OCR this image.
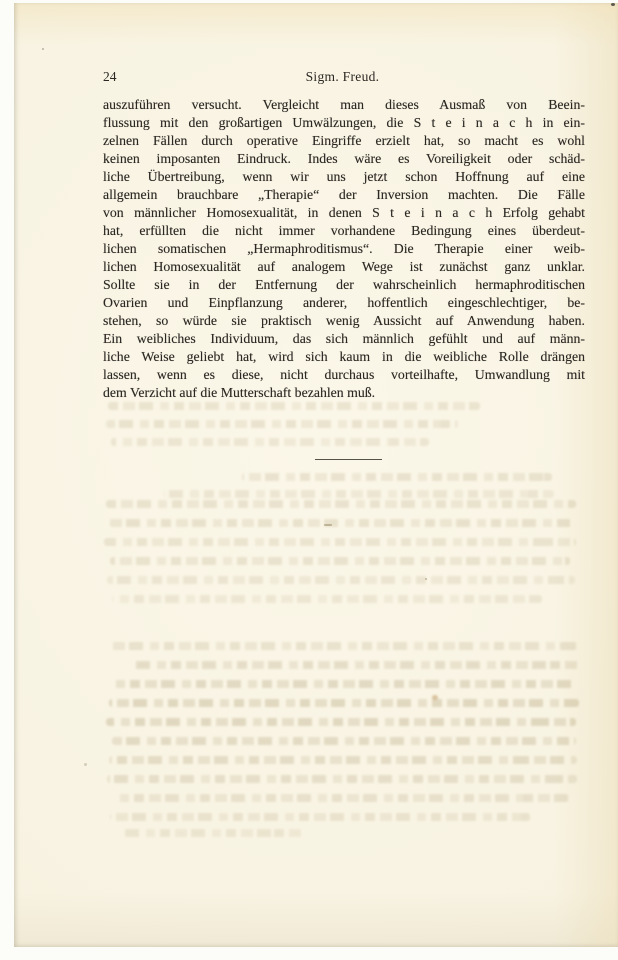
24	Sigm. Freud.
auszuführen versucht. Vergleicht man dieses Ausmaß von Beein-
flussung mit den großartigen Umwälzungen, die S t e i n a c h in ein-
zelnen Fällen durch operative Eingriffe erzielt hat, so macht es wohl
keinen imposanten Eindruck. Indes wäre es Voreiligkeit oder schäd-
liche Übertreibung, wenn wir uns jetzt schon Hoffnung auf eine
allgemein brauchbare „Therapie“ der Inversion machten. Die Fälle
von männlicher Homosexualität, in denen S t e i n a c h Erfolg gehabt
hat, erfüllten die nicht immer vorhandene Bedingung eines überdeut-
lichen somatischen „Hermaphroditismus“. Die Therapie einer weib-
lichen Homosexualität auf analogem Wege ist zunächst ganz unklar.
Sollte sie in der Entfernung der wahrscheinlich hermaphroditischen
Ovarien und Einpflanzung anderer, hoffentlich eingeschlechtiger, be-
stehen, so würde sie praktisch wenig Aussicht auf Anwendung haben.
Ein weibliches Individuum, das sich männlich gefühlt und auf männ-
liche Weise geliebt hat, wird sich kaum in die weibliche Rolle drängen
lassen, wenn es diese, nicht durchaus vorteilhafte, Umwandlung mit
dem Verzicht auf die Mutterschaft bezahlen muß.
